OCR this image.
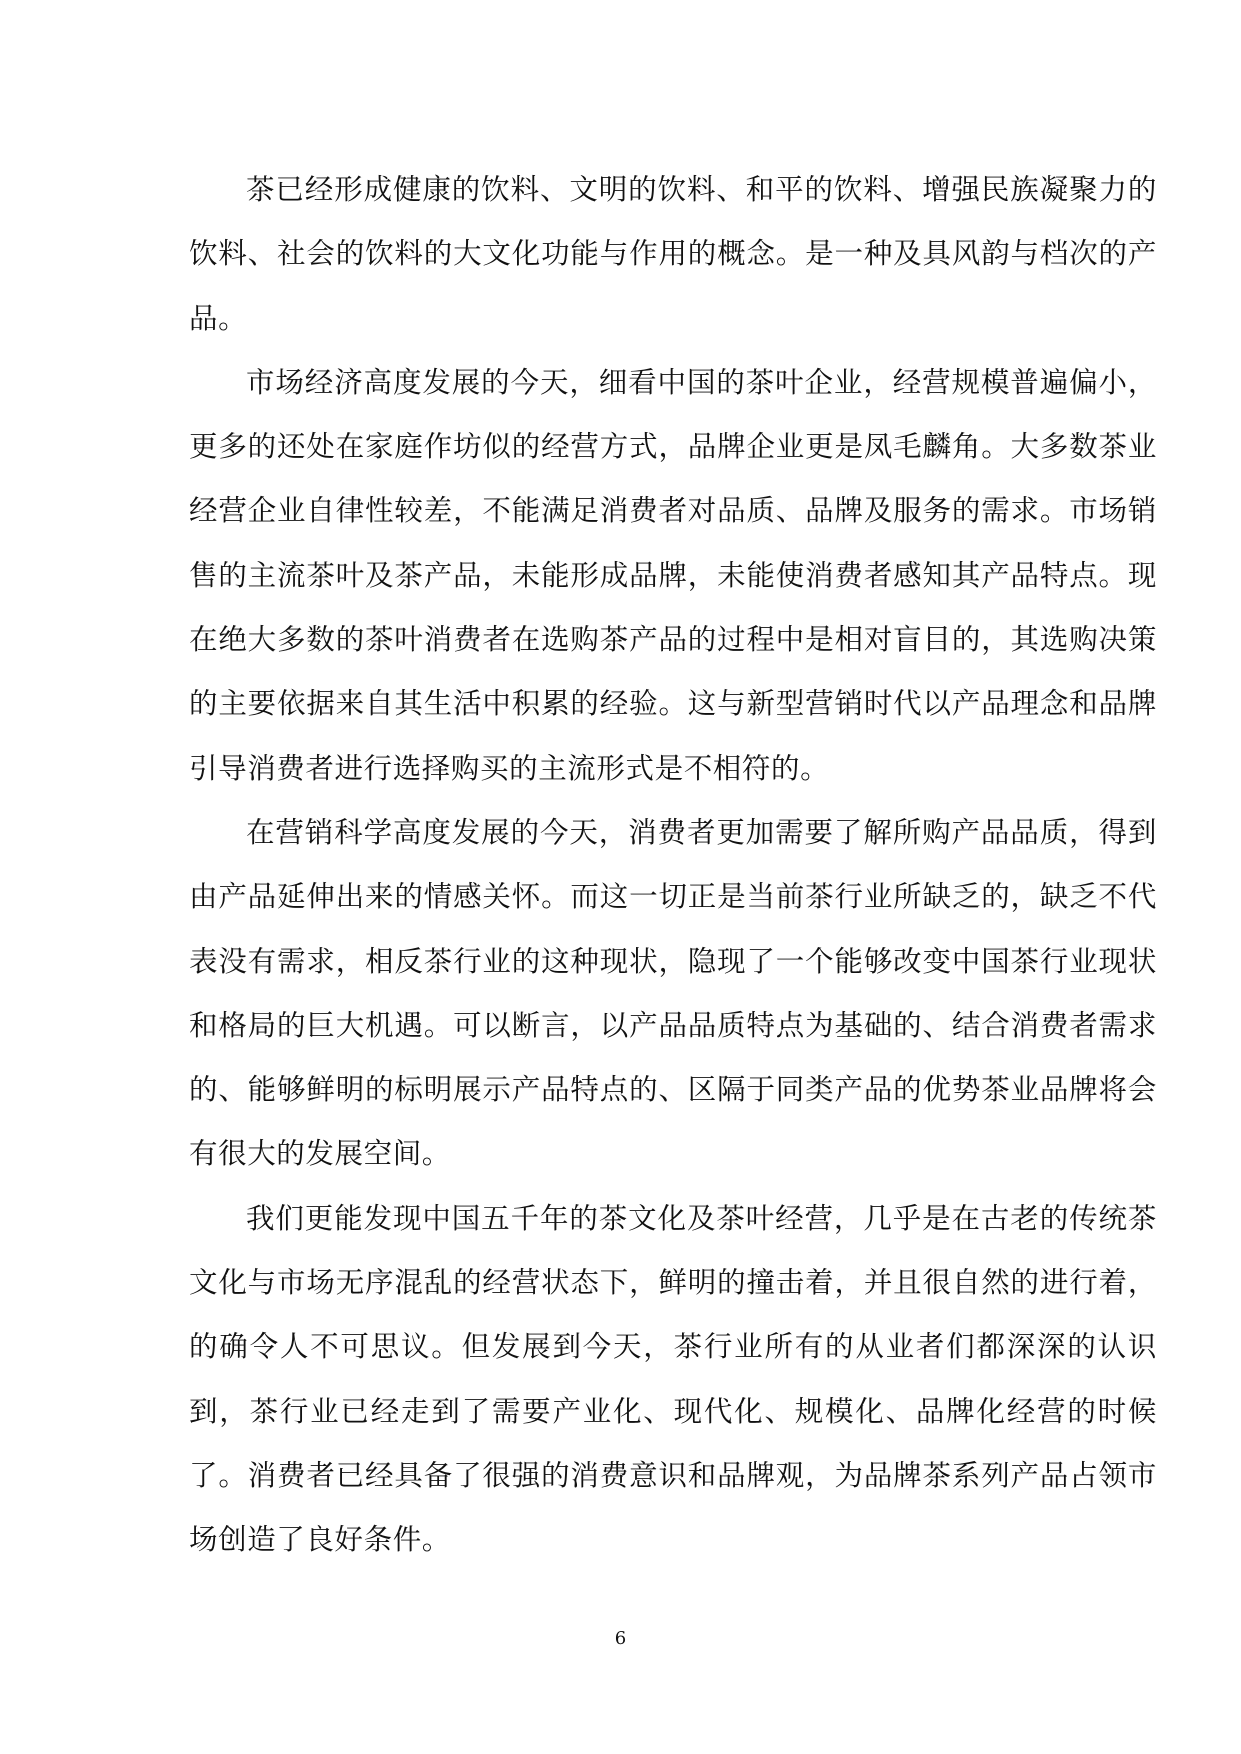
茶已经形成健康的饮料、文明的饮料、和平的饮料、增强民族凝聚力的饮料、社会的饮料的大文化功能与作用的概念。是一种及具风韵与档次的产品。

市场经济高度发展的今天，细看中国的茶叶企业，经营规模普遍偏小，更多的还处在家庭作坊似的经营方式，品牌企业更是凤毛麟角。大多数茶业经营企业自律性较差，不能满足消费者对品质、品牌及服务的需求。市场销售的主流茶叶及茶产品，未能形成品牌，未能使消费者感知其产品特点。现在绝大多数的茶叶消费者在选购茶产品的过程中是相对盲目的，其选购决策的主要依据来自其生活中积累的经验。这与新型营销时代以产品理念和品牌引导消费者进行选择购买的主流形式是不相符的。

在营销科学高度发展的今天，消费者更加需要了解所购产品品质，得到由产品延伸出来的情感关怀。而这一切正是当前茶行业所缺乏的，缺乏不代表没有需求，相反茶行业的这种现状，隐现了一个能够改变中国茶行业现状和格局的巨大机遇。可以断言，以产品品质特点为基础的、结合消费者需求的、能够鲜明的标明展示产品特点的、区隔于同类产品的优势茶业品牌将会有很大的发展空间。

我们更能发现中国五千年的茶文化及茶叶经营，几乎是在古老的传统茶文化与市场无序混乱的经营状态下，鲜明的撞击着，并且很自然的进行着，的确令人不可思议。但发展到今天，茶行业所有的从业者们都深深的认识到，茶行业已经走到了需要产业化、现代化、规模化、品牌化经营的时候了。消费者已经具备了很强的消费意识和品牌观，为品牌茶系列产品占领市场创造了良好条件。

6
